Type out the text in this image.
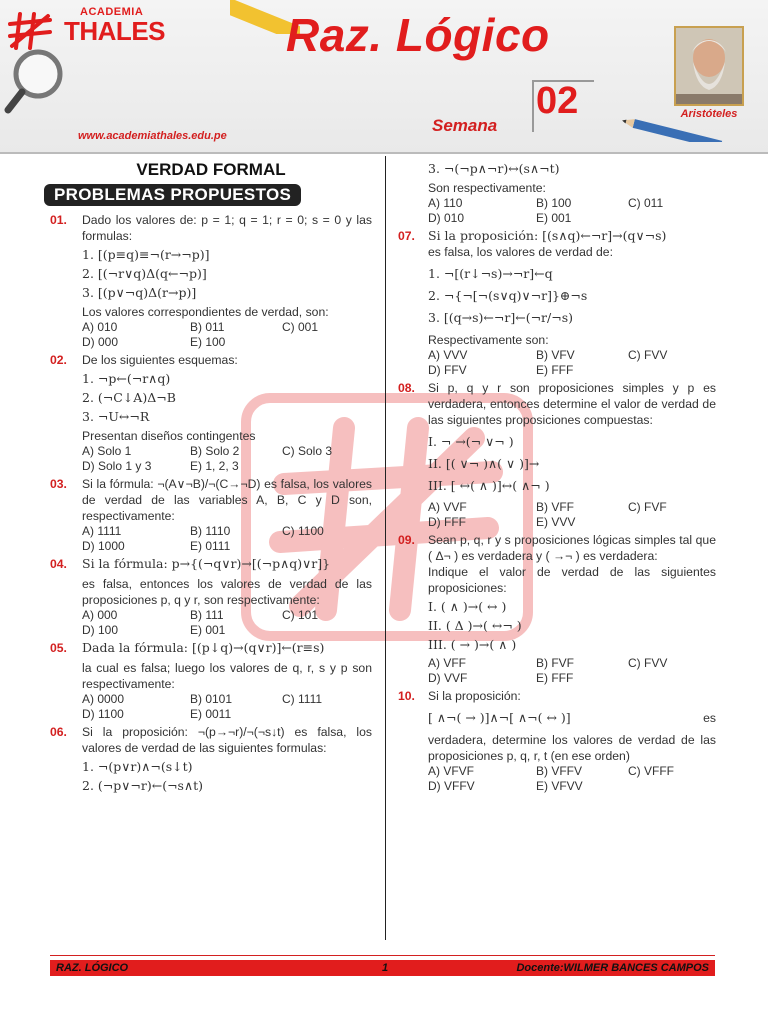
ACADEMIA
THALES	Raz. Lógico
02
Semana
Aristóteles
www.academiathales.edu.pe
VERDAD FORMAL
PROBLEMAS PROPUESTOS
01. Dado los valores de: p = 1; q = 1; r = 0; s = 0 y las formulas:
1. [(p≡q)≡¬(r→¬p)]
2. [(¬r∨q)Δ(q←¬p)]
3. [(p∨¬q)Δ(r→p)]
Los valores correspondientes de verdad, son:
A) 010	B) 011	C) 001
D) 000	E) 100
02. De los siguientes esquemas:
1. ¬p←(¬r∧q)
2. (¬C↓A)Δ¬B
3. ¬U↔¬R
Presentan diseños contingentes
A) Solo 1	B) Solo 2	C) Solo 3
D) Solo 1 y 3	E) 1, 2, 3
03. Si la fórmula: ¬(A∨¬B)/¬(C→¬D) es falsa, los valores de verdad de las variables A, B, C y D son, respectivamente:
A) 1111	B) 1110	C) 1100
D) 1000	E) 0111
04. Si la fórmula: p→{(¬q∨r)→[(¬p∧q)∨r]}
es falsa, entonces los valores de verdad de las proposiciones p, q y r, son respectivamente:
A) 000	B) 111	C) 101
D) 100	E) 001
05. Dada la fórmula: [(p↓q)→(q∨r)]←(r≡s)
la cual es falsa; luego los valores de q, r, s y p son respectivamente:
A) 0000	B) 0101	C) 1111
D) 1100	E) 0011
06. Si la proposición: ¬(p→¬r)/¬(¬s↓t) es falsa, los valores de verdad de las siguientes formulas:
1. ¬(p∨r)∧¬(s↓t)
2. (¬p∨¬r)←(¬s∧t)
3. ¬(¬p∧¬r)↔(s∧¬t)
Son respectivamente:
A) 110	B) 100	C) 011
D) 010	E) 001
07. Si la proposición: [(s∧q)←¬r]→(q∨¬s)
es falsa, los valores de verdad de:
1. ¬[(r↓¬s)→¬r]←q
2. ¬{¬[¬(s∨q)∨¬r]}⊕¬s
3. [(q→s)←¬r]←(¬r/¬s)
Respectivamente son:
A) VVV	B) VFV	C) FVV
D) FFV	E) FFF
08. Si p, q y r son proposiciones simples y p es verdadera, entonces determine el valor de verdad de las siguientes proposiciones compuestas:
I. ¬ →(¬ ∨¬ )
II. [( ∨¬ )∧( ∨ )]→
III. [ ↔( ∧ )]↔( ∧¬ )
A) VVF	B) VFF	C) FVF
D) FFF	E) VVV
09. Sean p, q, r y s proposiciones lógicas simples tal que ( Δ¬ ) es verdadera y ( →¬ ) es verdadera:
Indique el valor de verdad de las siguientes proposiciones:
I. ( ∧ )→( ↔ )
II. ( Δ )→( ↔¬ )
III. ( → )→( ∧ )
A) VFF	B) FVF	C) FVV
D) VVF	E) FFF
10. Si la proposición:
[ ∧¬( → )]∧¬[ ∧¬( ↔ )]	es
verdadera, determine los valores de verdad de las proposiciones p, q, r, t (en ese orden)
A) VFVF	B) VFFV	C) VFFF
D) VFFV	E) VFVV
RAZ. LÓGICO	1	Docente:WILMER BANCES CAMPOS
